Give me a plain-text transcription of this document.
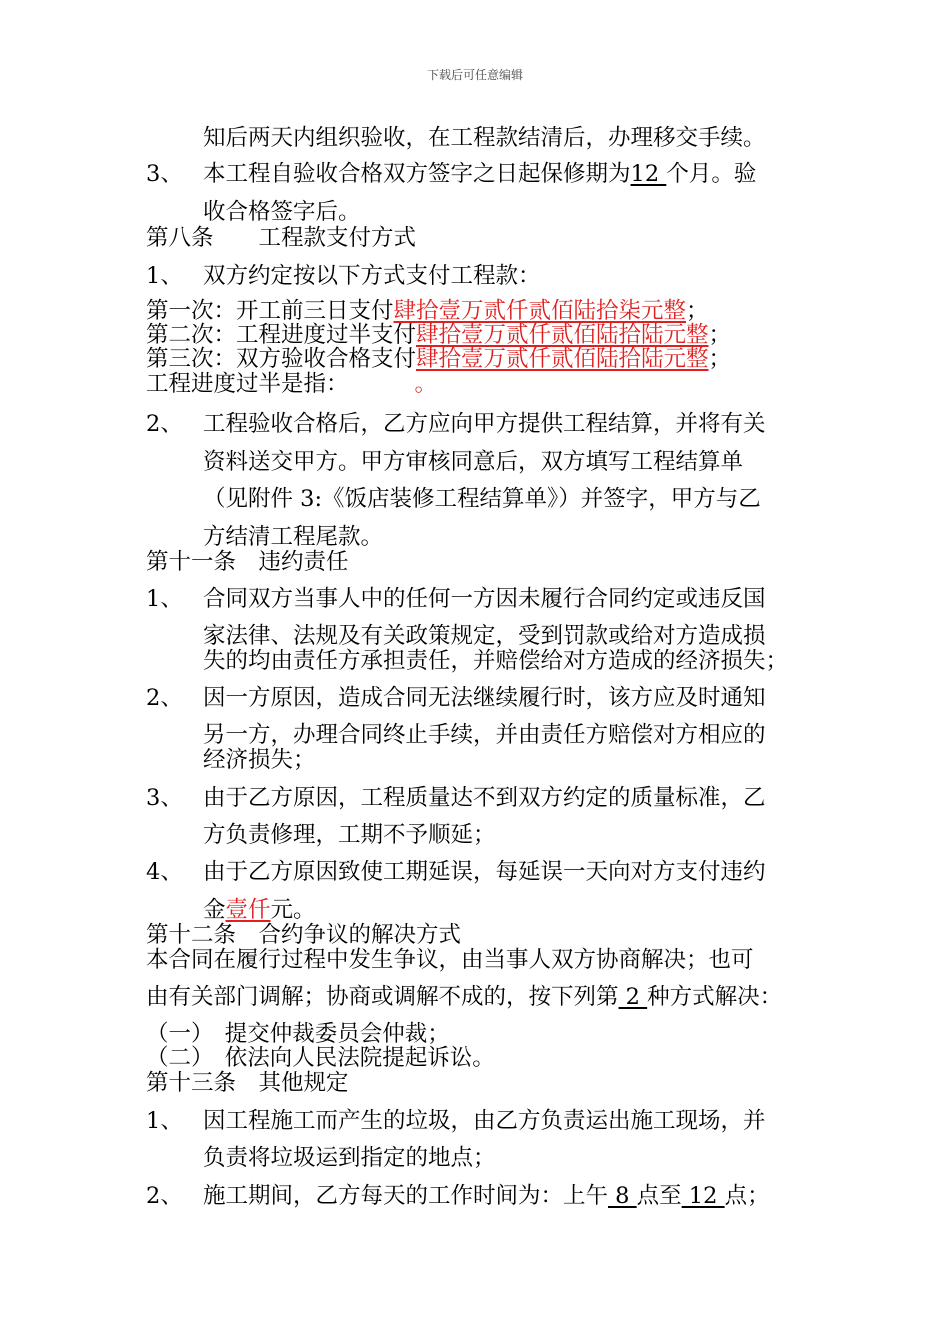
下载后可任意编辑
知后两天内组织验收，在工程款结清后，办理移交手续。
3、 本工程自验收合格双方签字之日起保修期为12 个月。验
收合格签字后。
第八条　　工程款支付方式
1、 双方约定按以下方式支付工程款：
第一次：开工前三日支付肆拾壹万贰仟贰佰陆拾柒元整；
第二次：工程进度过半支付肆拾壹万贰仟贰佰陆拾陆元整；
第三次：双方验收合格支付肆拾壹万贰仟贰佰陆拾陆元整；
工程进度过半是指：	。
2、 工程验收合格后，乙方应向甲方提供工程结算，并将有关
资料送交甲方。甲方审核同意后，双方填写工程结算单
（见附件 3:《饭店装修工程结算单》）并签字，甲方与乙
方结清工程尾款。
第十一条　违约责任
1、 合同双方当事人中的任何一方因未履行合同约定或违反国
家法律、法规及有关政策规定，受到罚款或给对方造成损
失的均由责任方承担责任，并赔偿给对方造成的经济损失；
2、 因一方原因，造成合同无法继续履行时，该方应及时通知
另一方，办理合同终止手续，并由责任方赔偿对方相应的
经济损失；
3、 由于乙方原因，工程质量达不到双方约定的质量标准，乙
方负责修理，工期不予顺延；
4、 由于乙方原因致使工期延误，每延误一天向对方支付违约
金壹仟元。
第十二条　合约争议的解决方式
本合同在履行过程中发生争议，由当事人双方协商解决；也可
由有关部门调解；协商或调解不成的，按下列第 2 种方式解决：
（一）　提交仲裁委员会仲裁；
（二）　依法向人民法院提起诉讼。
第十三条　其他规定
1、 因工程施工而产生的垃圾，由乙方负责运出施工现场，并
负责将垃圾运到指定的地点；
2、 施工期间，乙方每天的工作时间为：上午 8 点至 12 点；
